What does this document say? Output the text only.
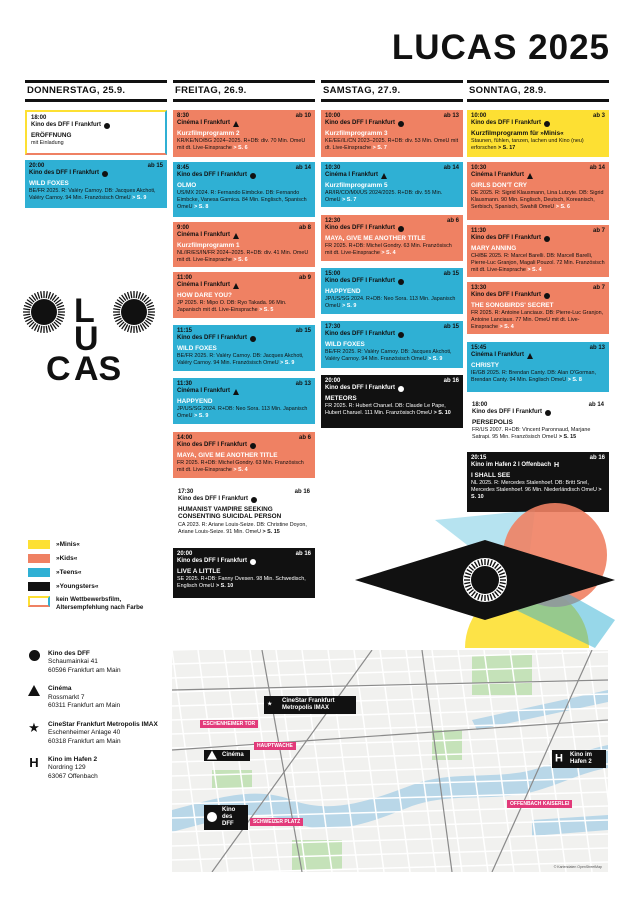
LUCAS 2025
DONNERSTAG, 25.9.
18:00
Kino des DFF I Frankfurt
ERÖFFNUNG
mit Einladung
20:00	ab 15
Kino des DFF I Frankfurt
WILD FOXES
BE/FR 2025. R: Valéry Carnoy. DB: Jacques Akchoti, Valéry Carnoy. 94 Min. Französisch OmeU > S. 9
FREITAG, 26.9.
8:30	ab 10
Cinéma I Frankfurt
Kurzfilmprogramm 2
KR/KE/NO/BG 2024–2025. R+DB: div. 70 Min. OmeU mit dt. Live-Einsprache > S. 6
8:45	ab 14
Kino des DFF I Frankfurt
OLMO
US/MX 2024. R: Fernando Eimbcke. DB: Fernando Eimbcke, Vanesa Garnica. 84 Min. Englisch, Spanisch OmeU > S. 8
9:00	ab 8
Cinéma I Frankfurt
Kurzfilmprogramm 1
NL/IR/ES/IN/FR 2024–2025. R+DB: div. 41 Min. OmeU mit dt. Live-Einsprache > S. 6
11:00	ab 9
Cinéma I Frankfurt
HOW DARE YOU?
JP 2025. R: Mipo O. DB: Ryo Takada. 96 Min. Japanisch mit dt. Live-Einsprache > S. 5
11:15	ab 15
Kino des DFF I Frankfurt
WILD FOXES
BE/FR 2025. R: Valéry Carnoy. DB: Jacques Akchoti, Valéry Carnoy. 94 Min. Französisch OmeU > S. 9
11:30	ab 13
Cinéma I Frankfurt
HAPPYEND
JP/US/SG 2024. R+DB: Neo Sora. 113 Min. Japanisch OmeU > S. 9
14:00	ab 6
Kino des DFF I Frankfurt
MAYA, GIVE ME ANOTHER TITLE
FR 2025. R+DB: Michel Gondry. 63 Min. Französisch mit dt. Live-Einsprache > S. 4
17:30	ab 16
Kino des DFF I Frankfurt
HUMANIST VAMPIRE SEEKING CONSENTING SUICIDAL PERSON
CA 2023. R: Ariane Louis-Seize. DB: Christine Doyon, Ariane Louis-Seize. 91 Min. OmeU > S. 15
20:00	ab 16
Kino des DFF I Frankfurt
LIVE A LITTLE
SE 2025. R+DB: Fanny Ovesen. 98 Min. Schwedisch, Englisch OmeU > S. 10
SAMSTAG, 27.9.
10:00	ab 13
Kino des DFF I Frankfurt
Kurzfilmprogramm 3
KE/EE/IL/CN 2023–2025. R+DB: div. 53 Min. OmeU mit dt. Live-Einsprache > S. 7
10:30	ab 14
Cinéma I Frankfurt
Kurzfilmprogramm 5
AR/IR/CO/MX/US 2024/2025. R+DB: div. 55 Min. OmeU > S. 7
12:30	ab 6
Kino des DFF I Frankfurt
MAYA, GIVE ME ANOTHER TITLE
FR 2025. R+DB: Michel Gondry. 63 Min. Französisch mit dt. Live-Einsprache > S. 4
15:00	ab 15
Kino des DFF I Frankfurt
HAPPYEND
JP/US/SG 2024. R+DB: Neo Sora. 113 Min. Japanisch OmeU > S. 9
17:30	ab 15
Kino des DFF I Frankfurt
WILD FOXES
BE/FR 2025. R: Valéry Carnoy. DB: Jacques Akchoti, Valéry Carnoy. 94 Min. Französisch OmeU > S. 9
20:00	ab 16
Kino des DFF I Frankfurt
METEORS
FR 2025. R: Hubert Charuel. DB: Claude Le Pape, Hubert Charuel. 111 Min. Französisch OmeU > S. 10
SONNTAG, 28.9.
10:00	ab 3
Kino des DFF I Frankfurt
Kurzfilmprogramm für »Minis«
Staunen, fühlen, tanzen, lachen und Kino (neu) erforschen > S. 17
10:30	ab 14
Cinéma I Frankfurt
GIRLS DON'T CRY
DE 2025. R: Sigrid Klausmann, Lina Lutzyte. DB: Sigrid Klausmann. 90 Min. Englisch, Deutsch, Koreanisch, Serbisch, Spanisch, Swahili OmeU > S. 6
11:30	ab 7
Kino des DFF I Frankfurt
MARY ANNING
CH/BE 2025. R: Marcel Barelli. DB: Marcell Barelli, Pierre-Luc Granjon, Magali Pouzol. 72 Min. Französisch mit dt. Live-Einsprache > S. 4
13:30	ab 7
Kino des DFF I Frankfurt
THE SONGBIRDS' SECRET
FR 2025. R: Antoine Lanciaux. DB: Pierre-Luc Granjon, Antoine Lanciaux. 77 Min. OmeU mit dt. Live-Einsprache > S. 4
15:45	ab 13
Cinéma I Frankfurt
CHRISTY
IE/GB 2025. R: Brendan Canty. DB: Alan O'Gorman, Brendan Canty. 94 Min. Englisch OmeU > S. 8
18:00	ab 14
Kino des DFF I Frankfurt
PERSEPOLIS
FR/US 2007. R+DB: Vincent Paronnaud, Marjane Satrapi. 95 Min. Französisch OmeU > S. 15
20:15	ab 16
Kino im Hafen 2 I Offenbach H
I SHALL SEE
NL 2025. R: Mercedes Stalenhoef. DB: Britt Snel, Mercedes Stalenhoef. 96 Min. Niederländisch OmeU > S. 10
L
U
C AS
»Minis«
»Kids«
»Teens«
»Youngsters«
kein Wettbewerbsfilm, Altersempfehlung nach Farbe
Kino des DFF
Schaumainkai 41
60596 Frankfurt am Main
Cinéma
Rossmarkt 7
60311 Frankfurt am Main
★ CineStar Frankfurt Metropolis IMAX
Eschenheimer Anlage 40
60318 Frankfurt am Main
H Kino im Hafen 2
Nordring 129
63067 Offenbach
ESCHENHEIMER TOR
HAUPTWACHE
SCHWEIZER PLATZ
OFFENBACH KAISERLEI
★
CineStar Frankfurt Metropolis IMAX
Cinéma
Kino des DFF
H Kino im Hafen 2
© Kartendaten OpenStreetMap
